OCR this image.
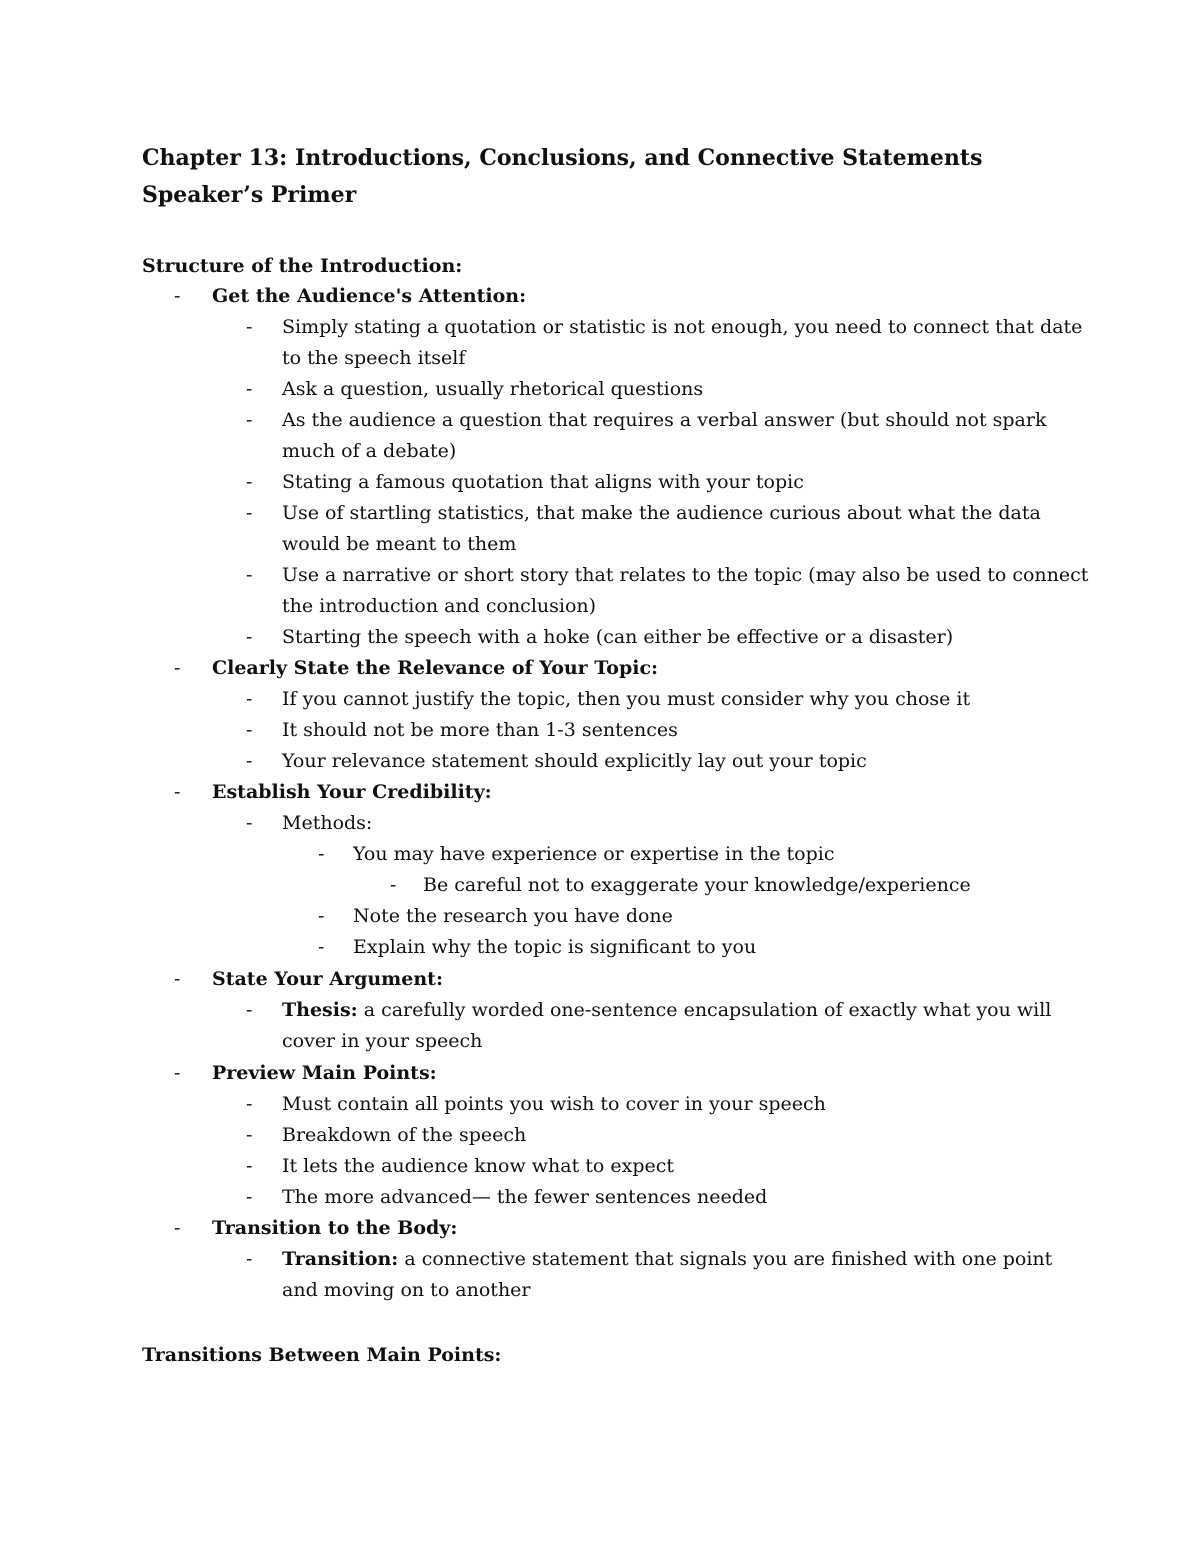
Chapter 13: Introductions, Conclusions, and Connective Statements
Speaker’s Primer
Structure of the Introduction:
- Get the Audience's Attention:
- Simply stating a quotation or statistic is not enough, you need to connect that date
to the speech itself
- Ask a question, usually rhetorical questions
- As the audience a question that requires a verbal answer (but should not spark
much of a debate)
- Stating a famous quotation that aligns with your topic
- Use of startling statistics, that make the audience curious about what the data
would be meant to them
- Use a narrative or short story that relates to the topic (may also be used to connect
the introduction and conclusion)
- Starting the speech with a hoke (can either be effective or a disaster)
- Clearly State the Relevance of Your Topic:
- If you cannot justify the topic, then you must consider why you chose it
- It should not be more than 1-3 sentences
- Your relevance statement should explicitly lay out your topic
- Establish Your Credibility:
- Methods:
- You may have experience or expertise in the topic
- Be careful not to exaggerate your knowledge/experience
- Note the research you have done
- Explain why the topic is significant to you
- State Your Argument:
- Thesis: a carefully worded one-sentence encapsulation of exactly what you will
cover in your speech
- Preview Main Points:
- Must contain all points you wish to cover in your speech
- Breakdown of the speech
- It lets the audience know what to expect
- The more advanced— the fewer sentences needed
- Transition to the Body:
- Transition: a connective statement that signals you are finished with one point
and moving on to another
Transitions Between Main Points:
